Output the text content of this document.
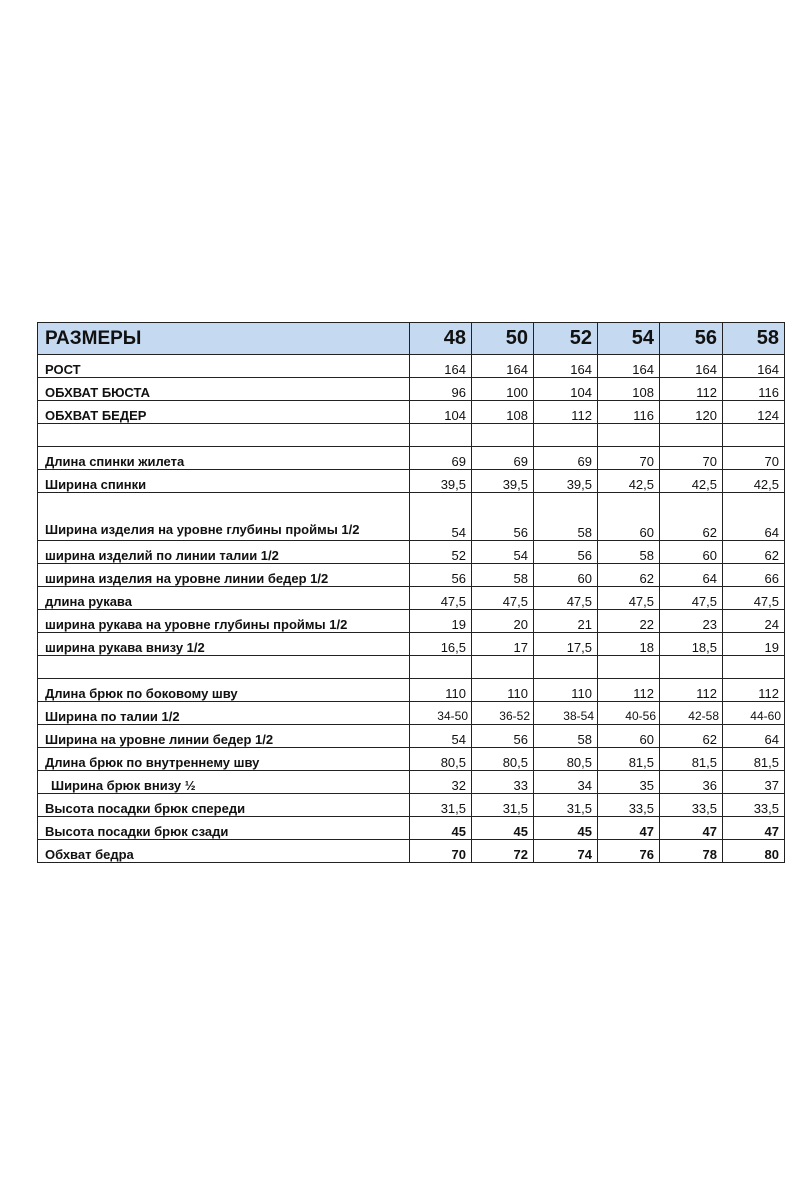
РАЗМЕРЫ	48	50	52	54	56	58
РОСТ	164	164	164	164	164	164
ОБХВАТ БЮСТА	96	100	104	108	112	116
ОБХВАТ БЕДЕР	104	108	112	116	120	124

Длина спинки жилета	69	69	69	70	70	70
Ширина спинки	39,5	39,5	39,5	42,5	42,5	42,5
Ширина изделия на уровне глубины проймы 1/2	54	56	58	60	62	64
ширина изделий по линии талии 1/2	52	54	56	58	60	62
ширина изделия на уровне линии бедер 1/2	56	58	60	62	64	66
длина рукава	47,5	47,5	47,5	47,5	47,5	47,5
ширина рукава на уровне глубины проймы 1/2	19	20	21	22	23	24
ширина рукава внизу 1/2	16,5	17	17,5	18	18,5	19

Длина брюк по боковому шву	110	110	110	112	112	112
Ширина по талии 1/2	34-50	36-52	38-54	40-56	42-58	44-60
Ширина на уровне линии бедер 1/2	54	56	58	60	62	64
Длина брюк по внутреннему шву	80,5	80,5	80,5	81,5	81,5	81,5
Ширина брюк внизу ½	32	33	34	35	36	37
Высота посадки брюк спереди	31,5	31,5	31,5	33,5	33,5	33,5
Высота посадки брюк сзади	45	45	45	47	47	47
Обхват бедра	70	72	74	76	78	80
